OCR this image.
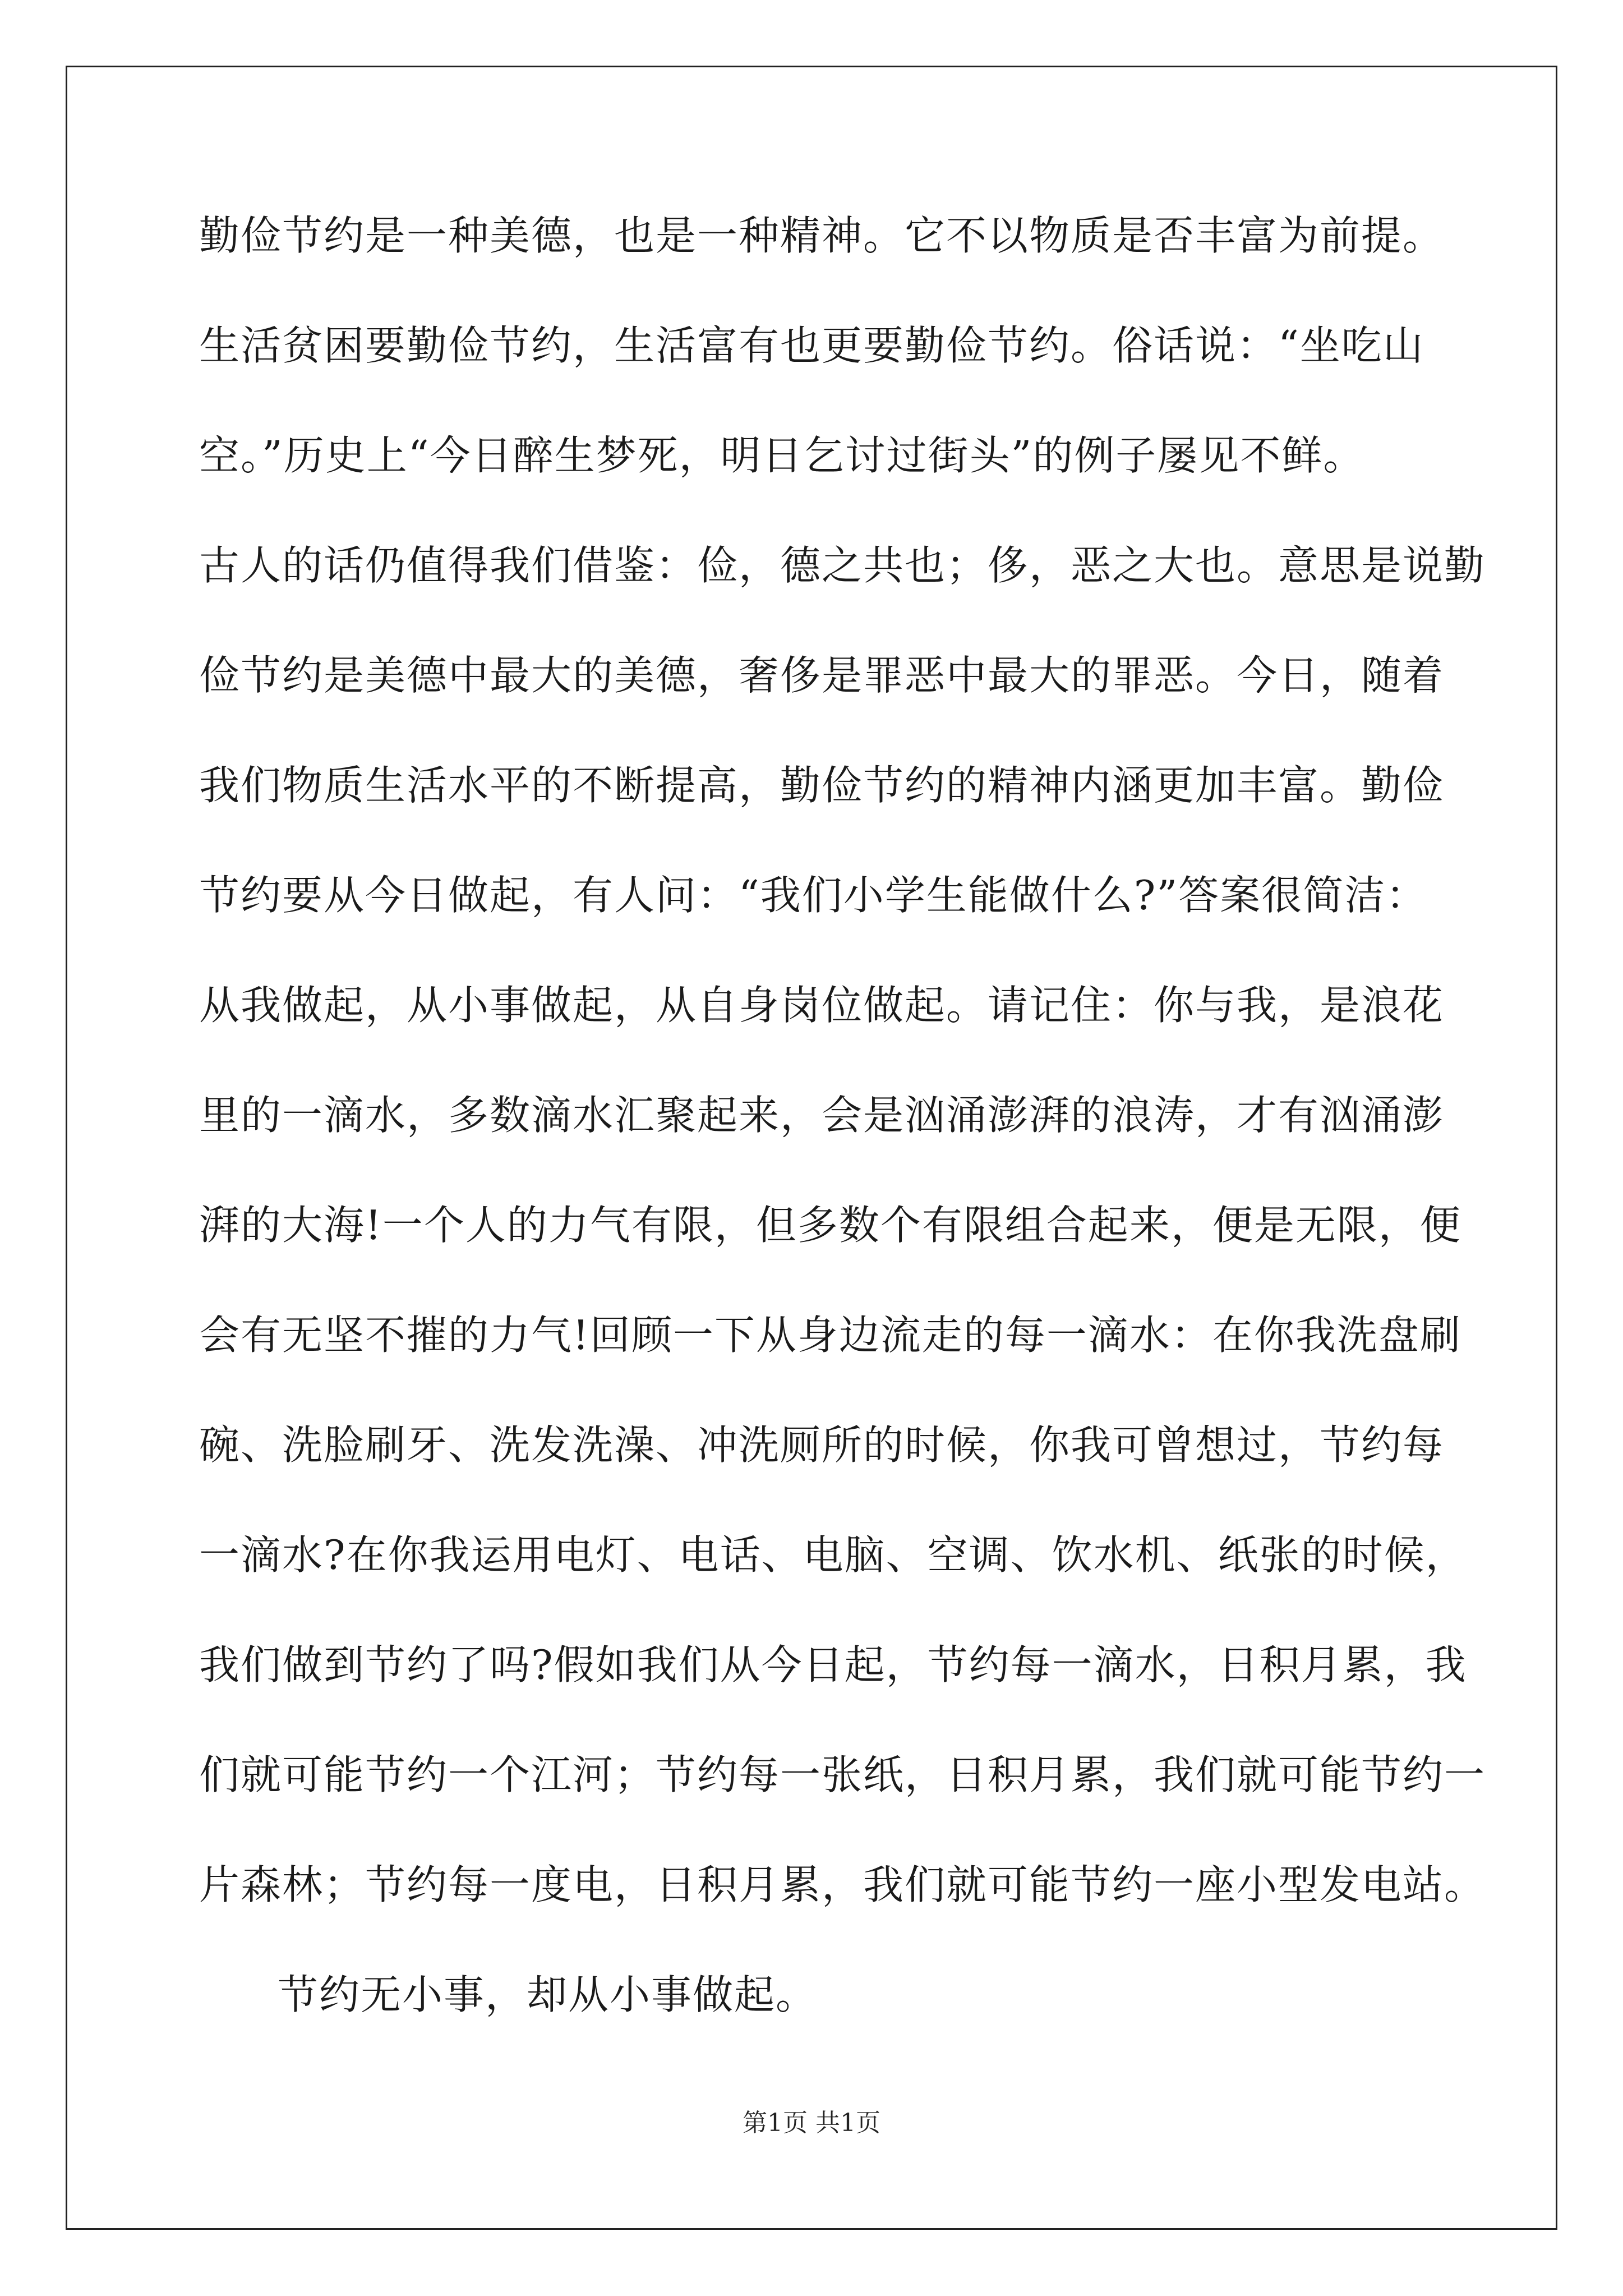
勤俭节约是一种美德，也是一种精神。它不以物质是否丰富为前提。
生活贫困要勤俭节约，生活富有也更要勤俭节约。俗话说：“坐吃山
空。”历史上“今日醉生梦死，明日乞讨过街头”的例子屡见不鲜。
古人的话仍值得我们借鉴：俭，德之共也；侈，恶之大也。意思是说勤
俭节约是美德中最大的美德，奢侈是罪恶中最大的罪恶。今日，随着
我们物质生活水平的不断提高，勤俭节约的精神内涵更加丰富。勤俭
节约要从今日做起，有人问：“我们小学生能做什么?”答案很简洁：
从我做起，从小事做起，从自身岗位做起。请记住：你与我，是浪花
里的一滴水，多数滴水汇聚起来，会是汹涌澎湃的浪涛，才有汹涌澎
湃的大海!一个人的力气有限，但多数个有限组合起来，便是无限，便
会有无坚不摧的力气!回顾一下从身边流走的每一滴水：在你我洗盘刷
碗、洗脸刷牙、洗发洗澡、冲洗厕所的时候，你我可曾想过，节约每
一滴水?在你我运用电灯、电话、电脑、空调、饮水机、纸张的时候，
我们做到节约了吗?假如我们从今日起，节约每一滴水，日积月累，我
们就可能节约一个江河；节约每一张纸，日积月累，我们就可能节约一
片森林；节约每一度电，日积月累，我们就可能节约一座小型发电站。
节约无小事，却从小事做起。
第1页 共1页
